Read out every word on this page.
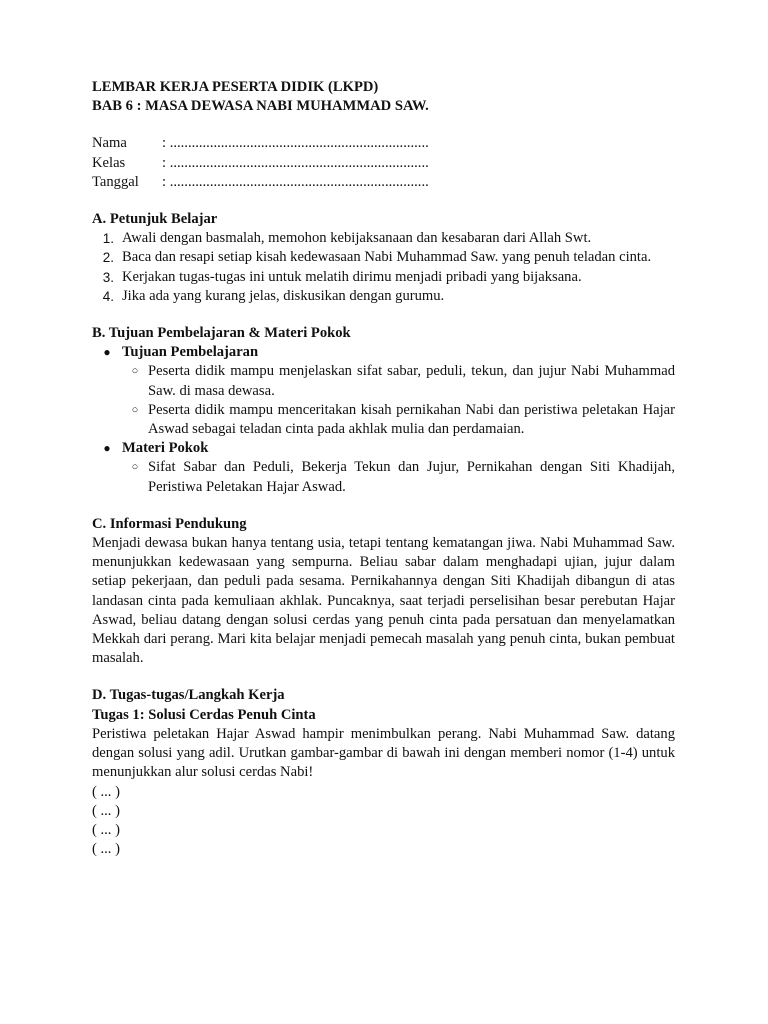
LEMBAR KERJA PESERTA DIDIK (LKPD)
BAB 6 : MASA DEWASA NABI MUHAMMAD SAW.
Nama	: .......................................................................
Kelas	: .......................................................................
Tanggal	: .......................................................................
A. Petunjuk Belajar
1. Awali dengan basmalah, memohon kebijaksanaan dan kesabaran dari Allah Swt.
2. Baca dan resapi setiap kisah kedewasaan Nabi Muhammad Saw. yang penuh teladan cinta.
3. Kerjakan tugas-tugas ini untuk melatih dirimu menjadi pribadi yang bijaksana.
4. Jika ada yang kurang jelas, diskusikan dengan gurumu.
B. Tujuan Pembelajaran & Materi Pokok
● Tujuan Pembelajaran
○ Peserta didik mampu menjelaskan sifat sabar, peduli, tekun, dan jujur Nabi Muhammad Saw. di masa dewasa.
○ Peserta didik mampu menceritakan kisah pernikahan Nabi dan peristiwa peletakan Hajar Aswad sebagai teladan cinta pada akhlak mulia dan perdamaian.
● Materi Pokok
○ Sifat Sabar dan Peduli, Bekerja Tekun dan Jujur, Pernikahan dengan Siti Khadijah, Peristiwa Peletakan Hajar Aswad.
C. Informasi Pendukung

Menjadi dewasa bukan hanya tentang usia, tetapi tentang kematangan jiwa. Nabi Muhammad Saw. menunjukkan kedewasaan yang sempurna. Beliau sabar dalam menghadapi ujian, jujur dalam setiap pekerjaan, dan peduli pada sesama. Pernikahannya dengan Siti Khadijah dibangun di atas landasan cinta pada kemuliaan akhlak. Puncaknya, saat terjadi perselisihan besar perebutan Hajar Aswad, beliau datang dengan solusi cerdas yang penuh cinta pada persatuan dan menyelamatkan Mekkah dari perang. Mari kita belajar menjadi pemecah masalah yang penuh cinta, bukan pembuat masalah.

D. Tugas-tugas/Langkah Kerja
Tugas 1: Solusi Cerdas Penuh Cinta

Peristiwa peletakan Hajar Aswad hampir menimbulkan perang. Nabi Muhammad Saw. datang dengan solusi yang adil. Urutkan gambar-gambar di bawah ini dengan memberi nomor (1-4) untuk menunjukkan alur solusi cerdas Nabi!

( ... )
( ... )
( ... )
( ... )
